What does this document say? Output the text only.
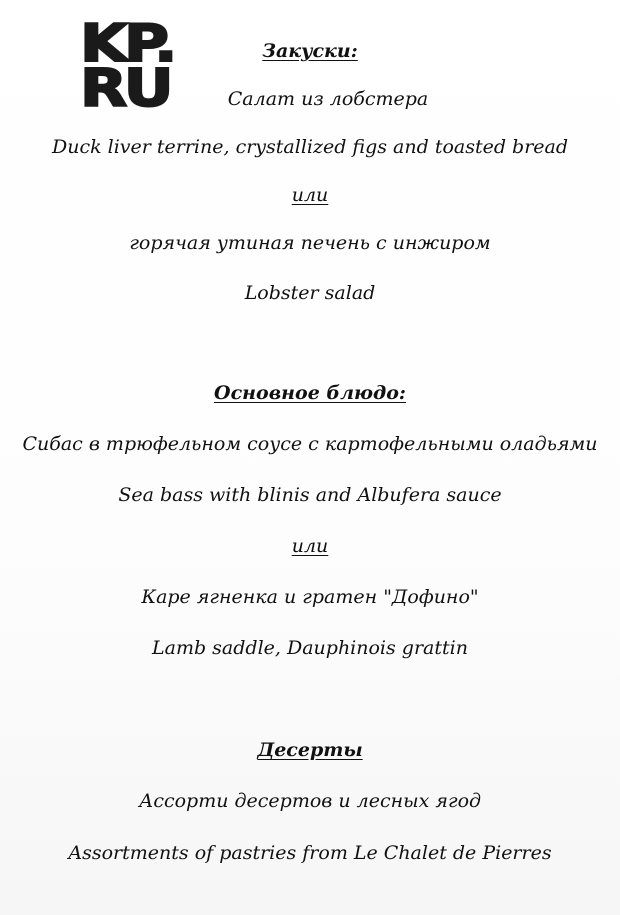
KP.
RU
Закуски:
Салат из лобстера
Duck liver terrine, crystallized figs and toasted bread
или
горячая утиная печень с инжиром
Lobster salad
Основное блюдо:
Сибас в трюфельном соусе с картофельными оладьями
Sea bass with blinis and Albufera sauce
или
Каре ягненка и гратен "Дофино"
Lamb saddle, Dauphinois grattin
Десерты
Ассорти десертов и лесных ягод
Assortments of pastries from Le Chalet de Pierres
